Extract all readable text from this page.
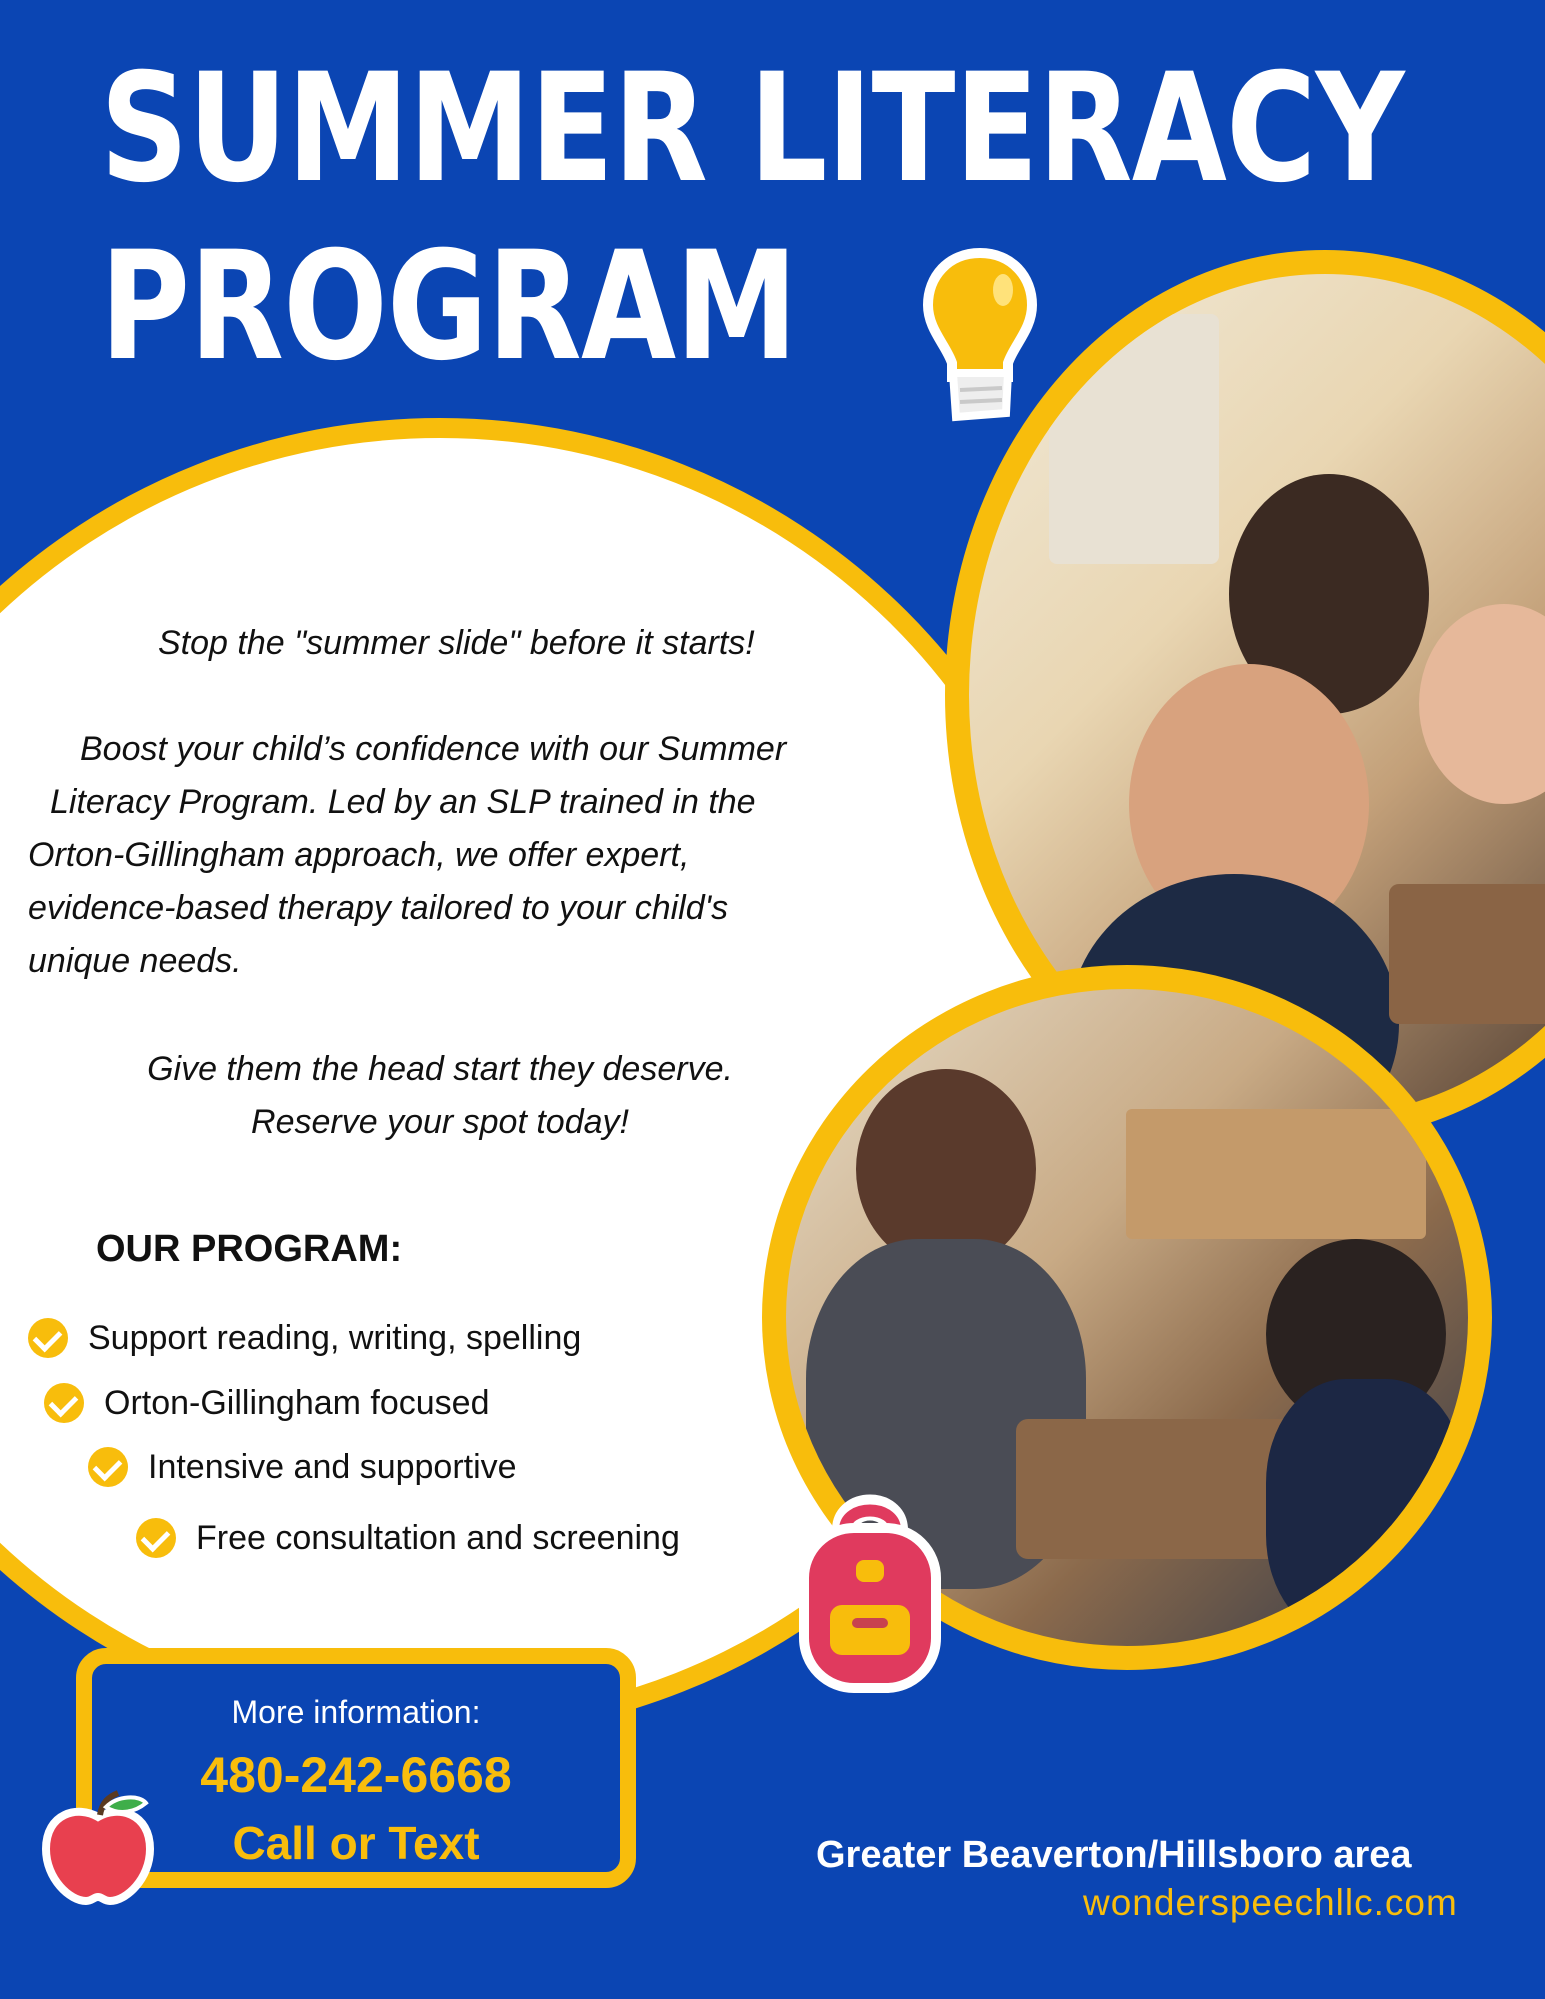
SUMMER LITERACY
PROGRAM

Stop the "summer slide" before it starts!

Boost your child’s confidence with our Summer
Literacy Program. Led by an SLP trained in the
Orton-Gillingham approach, we offer expert,
evidence-based therapy tailored to your child's
unique needs.

Give them the head start they deserve.
Reserve your spot today!

OUR PROGRAM:
Support reading, writing, spelling
Orton-Gillingham focused
Intensive and supportive
Free consultation and screening
More information:
480-242-6668
Call or Text	Greater Beaverton/Hillsboro area
wonderspeechllc.com
